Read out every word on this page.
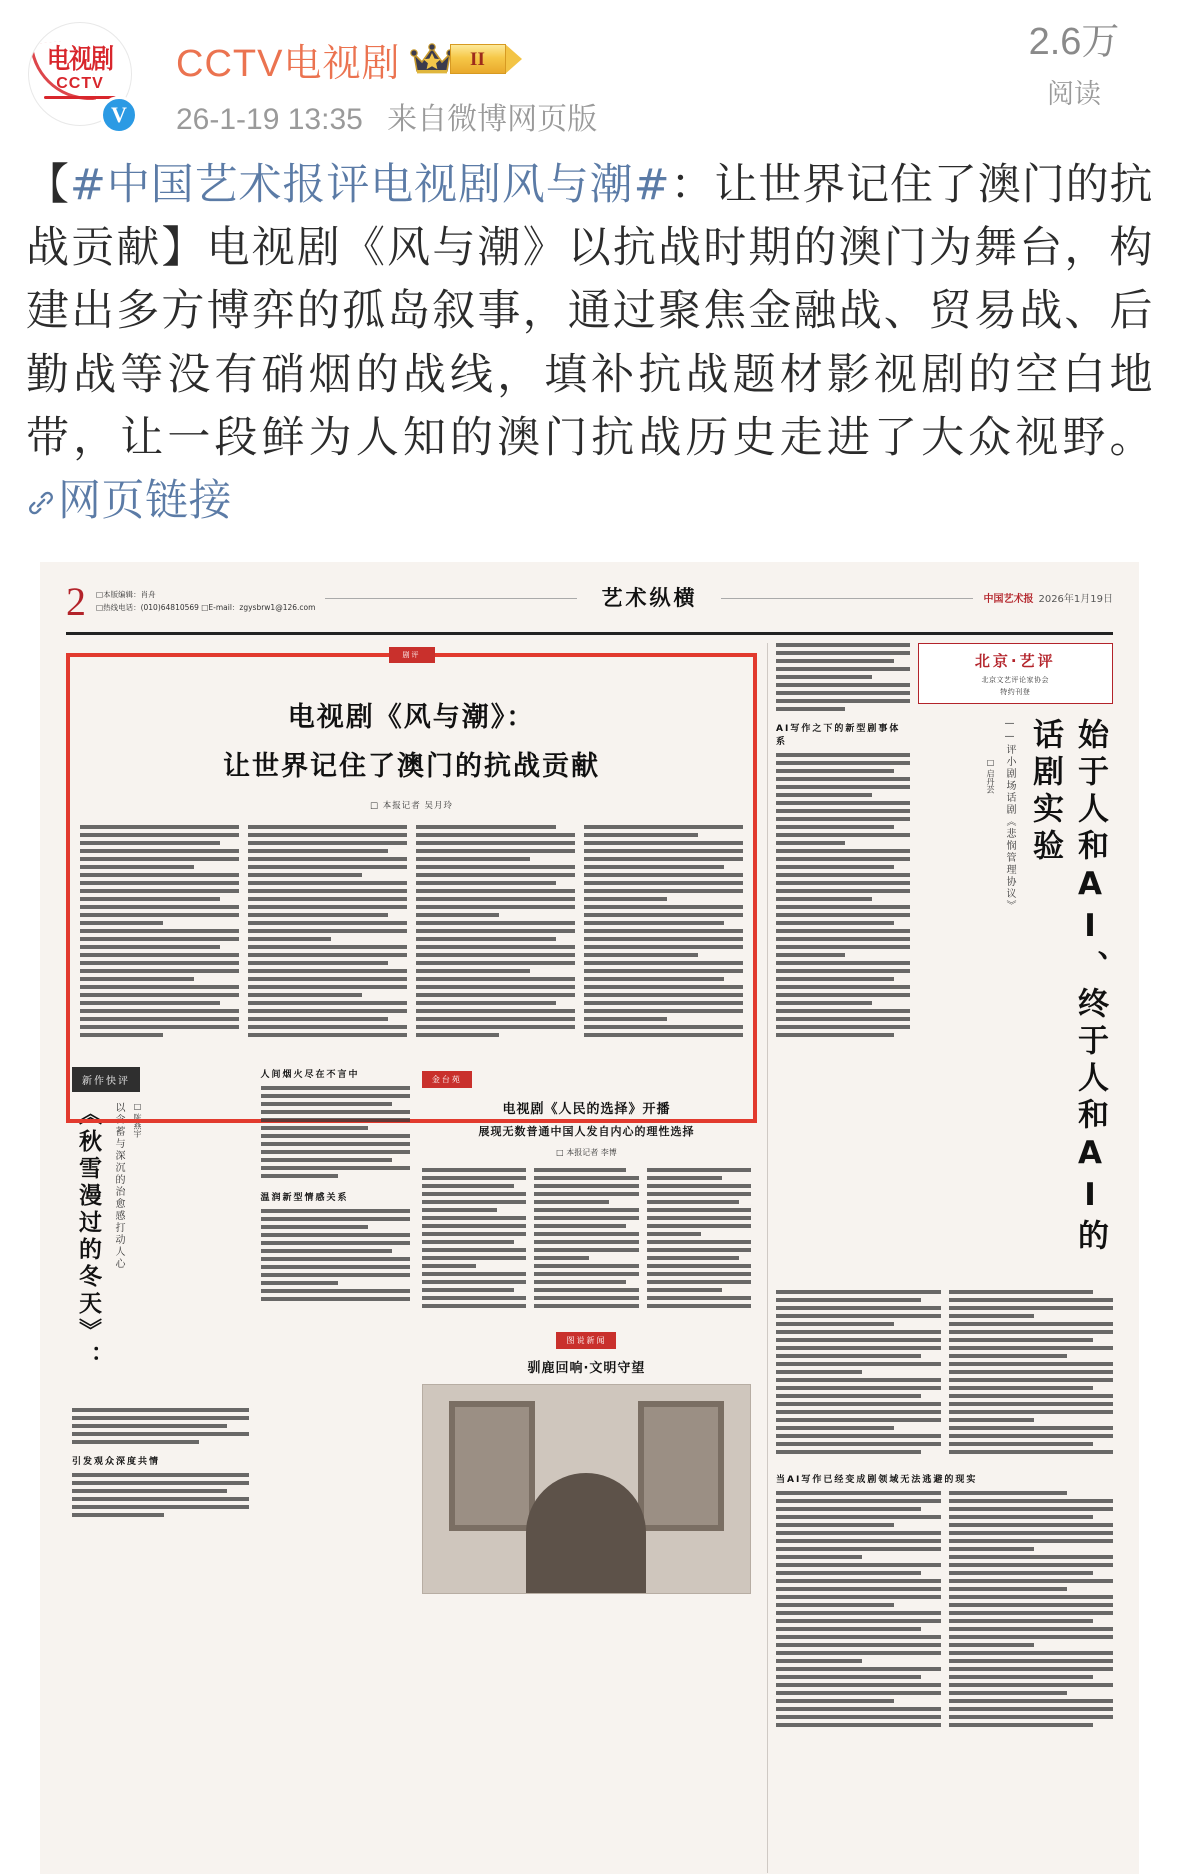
电视剧
CCTV
V
CCTV电视剧	II
26-1-19 13:35 来自微博网页版
2.6万
阅读
【#中国艺术报评电视剧风与潮#：让世界记住了澳门的抗战贡献】电视剧《风与潮》以抗战时期的澳门为舞台，构建出多方博弈的孤岛叙事，通过聚焦金融战、贸易战、后勤战等没有硝烟的战线，填补抗战题材影视剧的空白地带，让一段鲜为人知的澳门抗战历史走进了大众视野。 网页链接
2 □本版编辑：肖舟
□热线电话：(010)64810569 □E-mail：zgysbrw1@126.com	艺术纵横	中国艺术报 2026年1月19日
剧评
电视剧《风与潮》：
让世界记住了澳门的抗战贡献
□ 本报记者 吴月玲
新作快评
《秋雪漫过的冬天》：	以含蓄与深沉的治愈感打动人心 □ 陈燕宇
引发观众深度共情
人间烟火尽在不言中
温润新型情感关系
金台苑
电视剧《人民的选择》开播
展现无数普通中国人发自内心的理性选择
□ 本报记者 李博
图说新闻
驯鹿回响·文明守望
AI写作之下的新型剧事体系
北京·艺评
北京文艺评论家协会
特约刊登
□ 启丹芸 ——评小剧场话剧《悲悯管理协议》	始于人和AI、终于人和AI的话剧实验
当AI写作已经变成剧领域无法逃避的现实
